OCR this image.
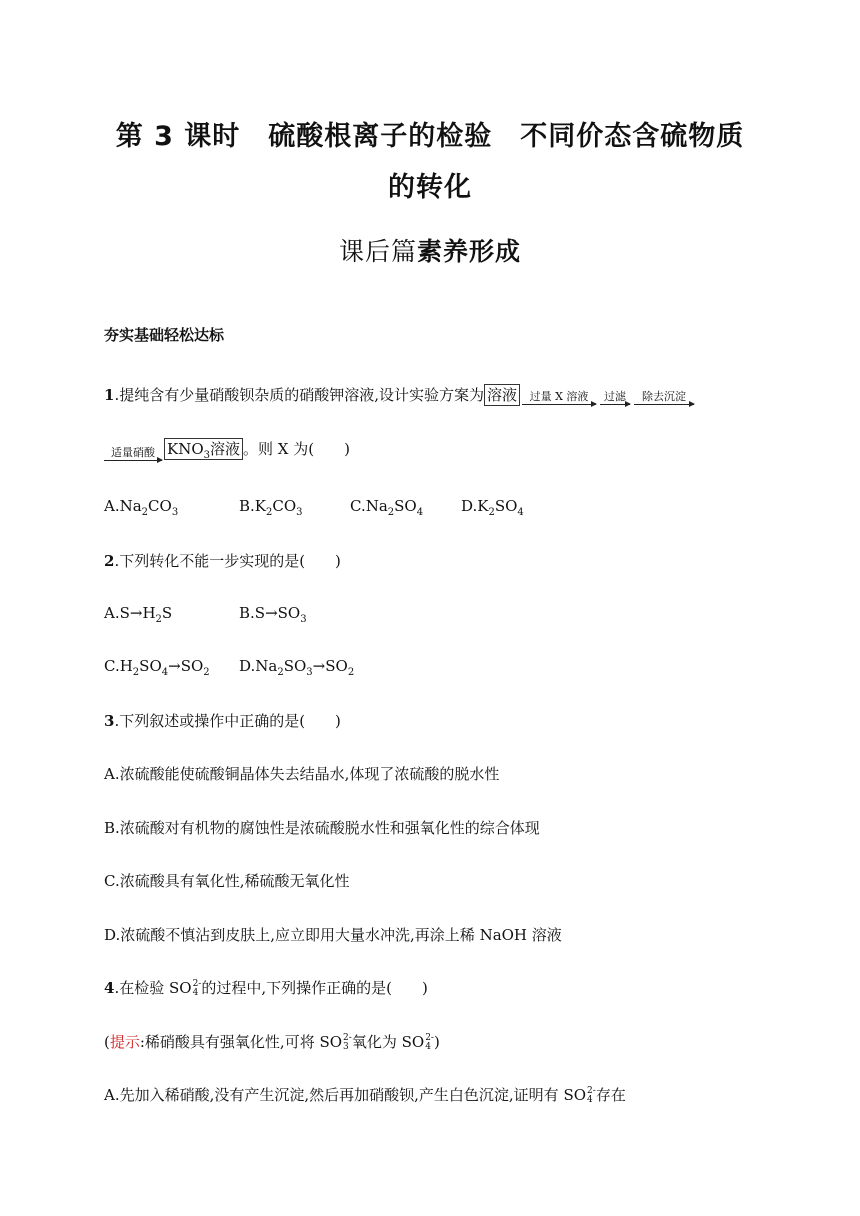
第 3 课时　硫酸根离子的检验　不同价态含硫物质
的转化
课后篇素养形成
夯实基础轻松达标
1.提纯含有少量硝酸钡杂质的硝酸钾溶液,设计实验方案为 溶液	过量 X 溶液	过滤	除去沉淀
适量硝酸 $KNO_3$溶液 。则 X 为(　　)
$A.Na_2CO_3$	$B.K_2CO_3$	$C.Na_2SO_4$	$D.K_2SO_4$
2.下列转化不能一步实现的是(　　)
$A.S\to H_2S$	$B.S\to SO_3$
$C.H_2SO_4\to SO_2$ $D.Na_2SO_3\to SO_2$
3.下列叙述或操作中正确的是(　　)
A.浓硫酸能使硫酸铜晶体失去结晶水,体现了浓硫酸的脱水性
B.浓硫酸对有机物的腐蚀性是浓硫酸脱水性和强氧化性的综合体现
C.浓硫酸具有氧化性,稀硫酸无氧化性
D.浓硫酸不慎沾到皮肤上,应立即用大量水冲洗,再涂上稀 NaOH 溶液
4.在检验 SO 2-
4 的过程中,下列操作正确的是(　　)
(提示:稀硝酸具有强氧化性,可将 SO 2-
3 氧化为 SO 2-
4 )
A.先加入稀硝酸,没有产生沉淀,然后再加硝酸钡,产生白色沉淀,证明有 SO 2-
4 存在
